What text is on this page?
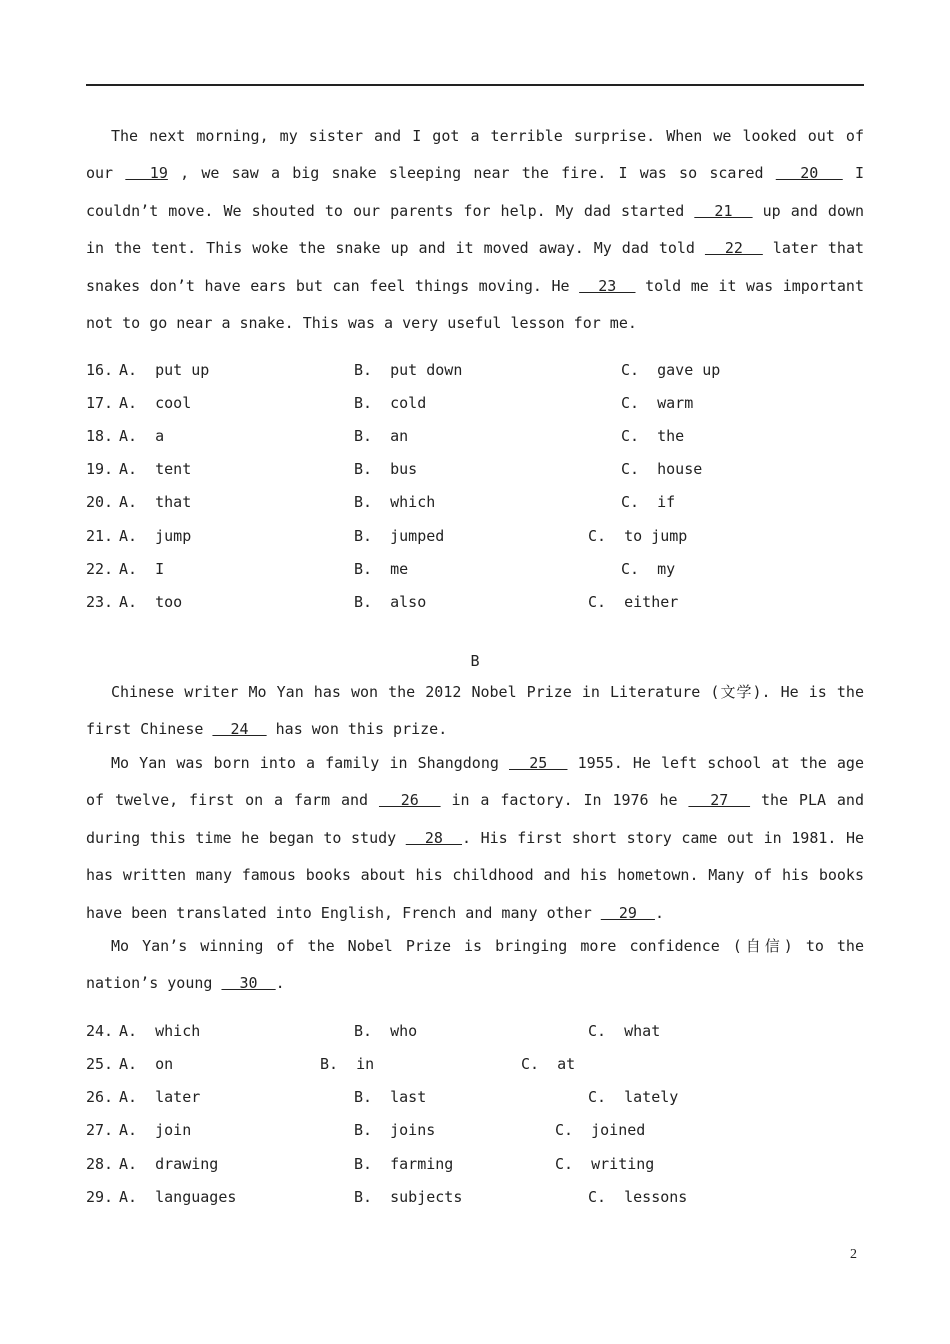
The next morning, my sister and I got a terrible surprise. When we looked out of our   19 , we saw a big snake sleeping near the fire. I was so scared   20   I couldn’t move. We shouted to our parents for help. My dad started   21   up and down in the tent. This woke the snake up and it moved away. My dad told   22   later that snakes don’t have ears but can feel things moving. He   23   told me it was important not to go near a snake. This was a very useful lesson for me.
16. A.  put up	B.  put down	C.  gave up
17. A.  cool	B.  cold	C.  warm
18. A.  a	B.  an	C.  the
19. A.  tent	B.  bus	C.  house
20. A.  that	B.  which	C.  if
21. A.  jump	B.  jumped	C.  to jump
22. A.  I	B.  me	C.  my
23. A.  too	B.  also	C.  either
B
Chinese writer Mo Yan has won the 2012 Nobel Prize in Literature (文学). He is the first Chinese   24   has won this prize.
Mo Yan was born into a family in Shangdong   25   1955. He left school at the age of twelve, first on a farm and   26   in a factory. In 1976 he   27   the PLA and during this time he began to study   28  . His first short story came out in 1981. He has written many famous books about his childhood and his hometown. Many of his books have been translated into English, French and many other   29  .
Mo Yan’s winning of the Nobel Prize is bringing more confidence (自信) to the nation’s young   30  .
24. A.  which	B.  who	C.  what
25. A.  on	B.  in	C.  at
26. A.  later	B.  last	C.  lately
27. A.  join	B.  joins	C.  joined
28. A.  drawing	B.  farming	C.  writing
29. A.  languages	B.  subjects	C.  lessons
2
